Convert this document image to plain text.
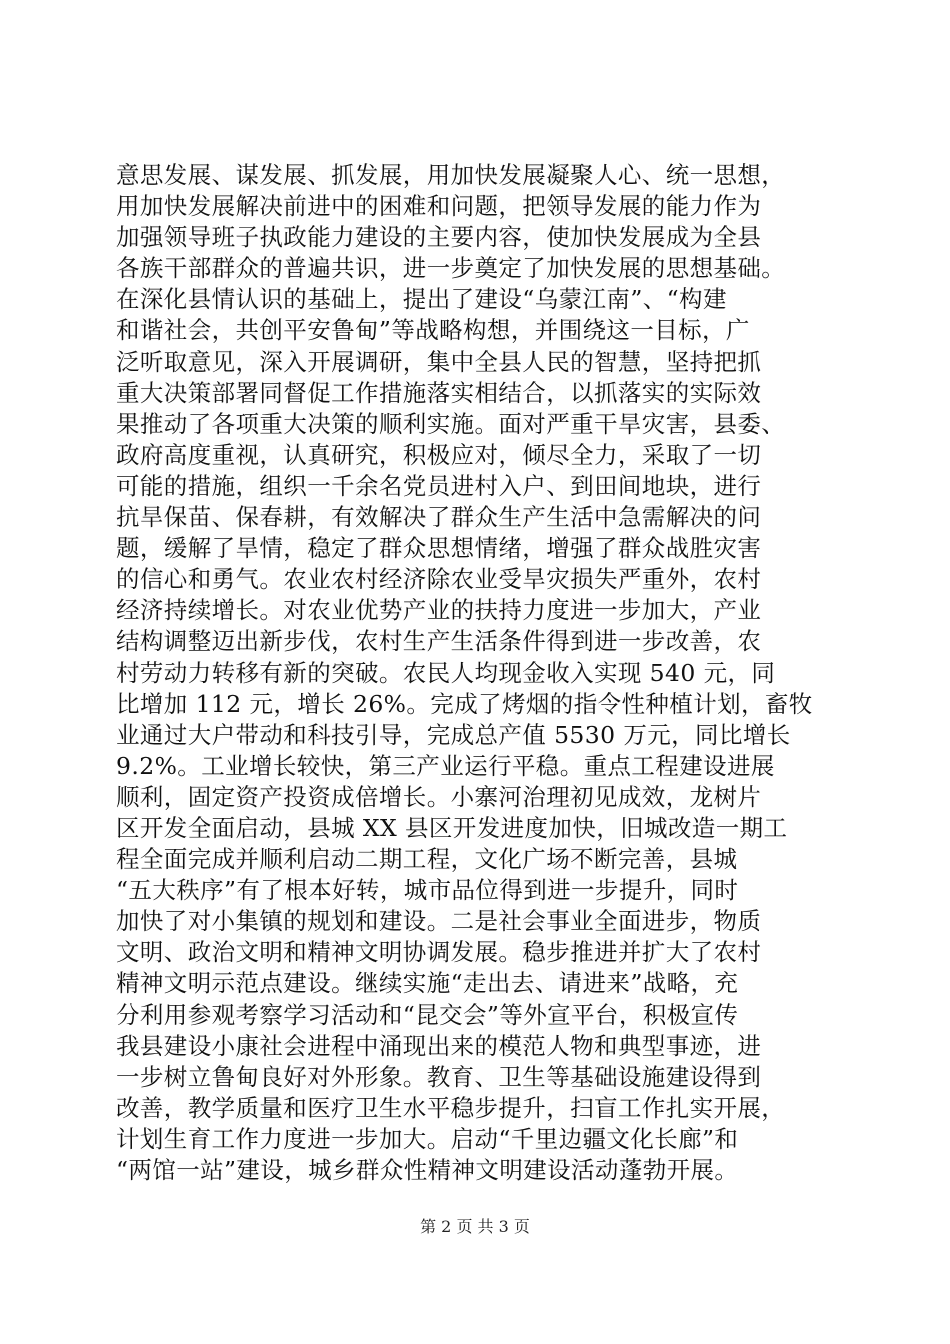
意思发展、谋发展、抓发展，用加快发展凝聚人心、统一思想，
用加快发展解决前进中的困难和问题，把领导发展的能力作为
加强领导班子执政能力建设的主要内容，使加快发展成为全县
各族干部群众的普遍共识，进一步奠定了加快发展的思想基础。
在深化县情认识的基础上，提出了建设“乌蒙江南”、“构建
和谐社会，共创平安鲁甸”等战略构想，并围绕这一目标，广
泛听取意见，深入开展调研，集中全县人民的智慧，坚持把抓
重大决策部署同督促工作措施落实相结合，以抓落实的实际效
果推动了各项重大决策的顺利实施。面对严重干旱灾害，县委、
政府高度重视，认真研究，积极应对，倾尽全力，采取了一切
可能的措施，组织一千余名党员进村入户、到田间地块，进行
抗旱保苗、保春耕，有效解决了群众生产生活中急需解决的问
题，缓解了旱情，稳定了群众思想情绪，增强了群众战胜灾害
的信心和勇气。农业农村经济除农业受旱灾损失严重外，农村
经济持续增长。对农业优势产业的扶持力度进一步加大，产业
结构调整迈出新步伐，农村生产生活条件得到进一步改善，农
村劳动力转移有新的突破。农民人均现金收入实现 540 元，同
比增加 112 元，增长 26%。完成了烤烟的指令性种植计划，畜牧
业通过大户带动和科技引导，完成总产值 5530 万元，同比增长
9.2%。工业增长较快，第三产业运行平稳。重点工程建设进展
顺利，固定资产投资成倍增长。小寨河治理初见成效，龙树片
区开发全面启动，县城 XX 县区开发进度加快，旧城改造一期工
程全面完成并顺利启动二期工程，文化广场不断完善，县城
“五大秩序”有了根本好转，城市品位得到进一步提升，同时
加快了对小集镇的规划和建设。二是社会事业全面进步，物质
文明、政治文明和精神文明协调发展。稳步推进并扩大了农村
精神文明示范点建设。继续实施“走出去、请进来”战略，充
分利用参观考察学习活动和“昆交会”等外宣平台，积极宣传
我县建设小康社会进程中涌现出来的模范人物和典型事迹，进
一步树立鲁甸良好对外形象。教育、卫生等基础设施建设得到
改善，教学质量和医疗卫生水平稳步提升，扫盲工作扎实开展，
计划生育工作力度进一步加大。启动“千里边疆文化长廊”和
“两馆一站”建设，城乡群众性精神文明建设活动蓬勃开展。
第 2 页 共 3 页
